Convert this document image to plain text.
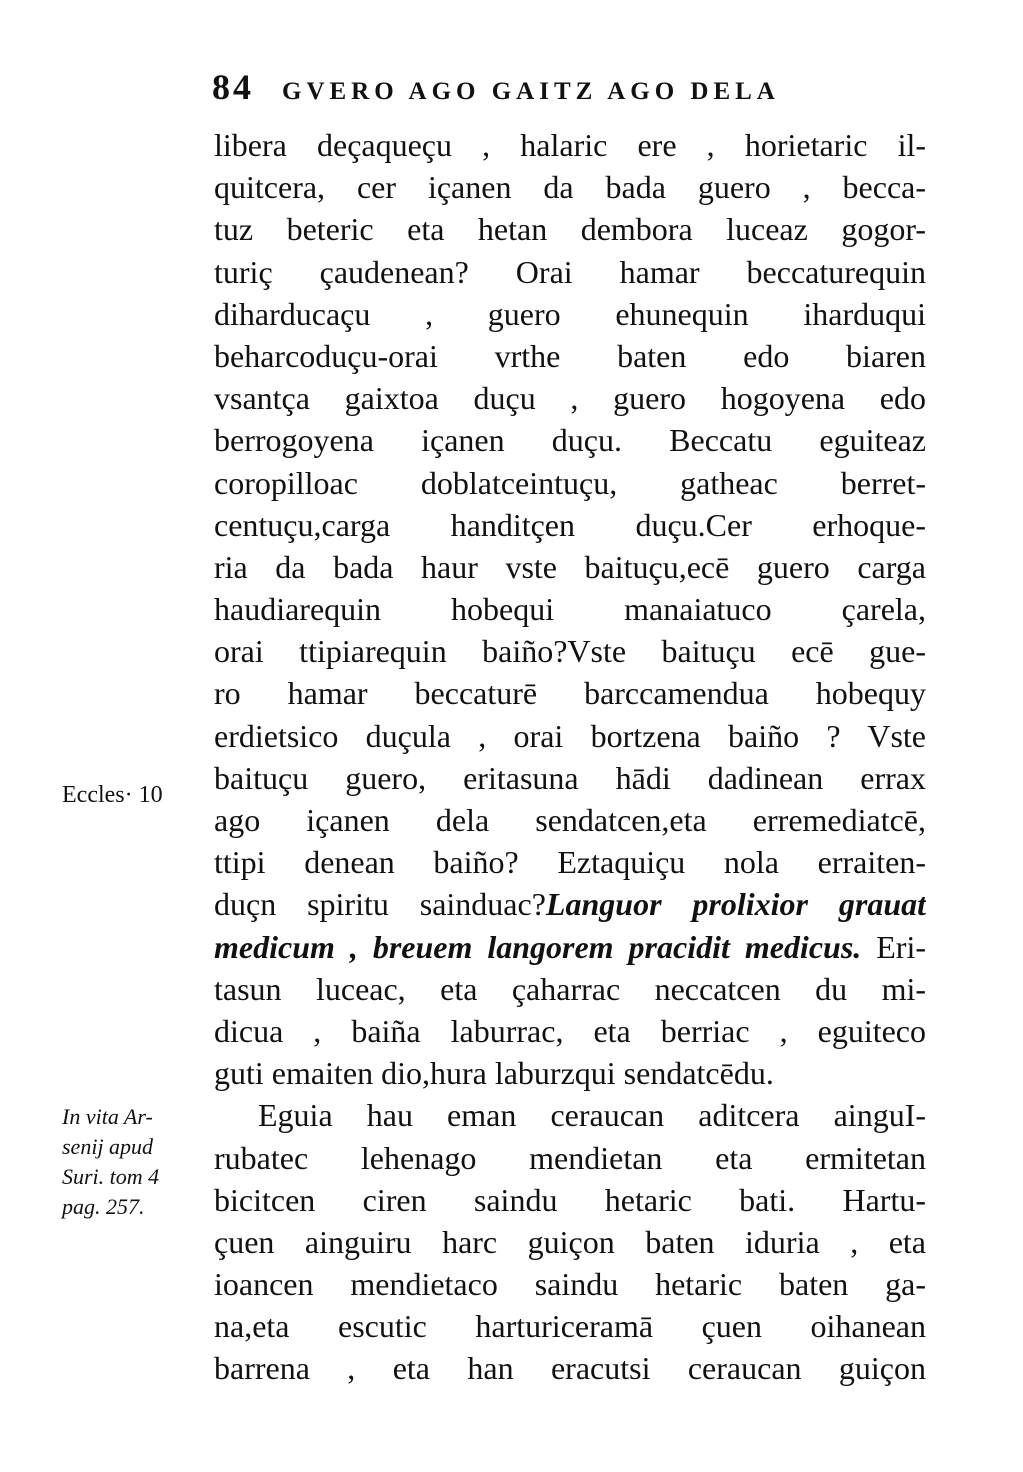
84 GVERO AGO GAITZ AGO DELA
Eccles· 10
In vita Ar-
senij apud
Suri. tom 4
pag. 257.
libera deçaqueçu , halaric ere , horietaric il-
quitcera, cer içanen da bada guero , becca-
tuz beteric eta hetan dembora luceaz gogor-
turiç çaudenean? Orai hamar beccaturequin
diharducaçu , guero ehunequin iharduqui
beharcoduçu-orai vrthe baten edo biaren
vsantça gaixtoa duçu , guero hogoyena edo
berrogoyena içanen duçu. Beccatu eguiteaz
coropilloac doblatceintuçu, gatheac berret-
centuçu,carga handitçen duçu.Cer erhoque-
ria da bada haur vste baituçu,ecē guero carga
haudiarequin hobequi manaiatuco çarela,
orai ttipiarequin baiño?Vste baituçu ecē gue-
ro hamar beccaturē barccamendua hobequy
erdietsico duçula , orai bortzena baiño ? Vste
baituçu guero, eritasuna hādi dadinean errax
ago içanen dela sendatcen,eta erremediatcē,
ttipi denean baiño? Eztaquiçu nola erraiten-
duçn spiritu sainduac?Languor prolixior grauat
medicum , breuem langorem pracidit medicus. Eri-
tasun luceac, eta çaharrac neccatcen du mi-
dicua , baiña laburrac, eta berriac , eguiteco
guti emaiten dio,hura laburzqui sendatcēdu.
Eguia hau eman ceraucan aditcera ainguI-
rubatec lehenago mendietan eta ermitetan
bicitcen ciren saindu hetaric bati. Hartu-
çuen ainguiru harc guiçon baten iduria , eta
ioancen mendietaco saindu hetaric baten ga-
na,eta escutic harturiceramā çuen oihanean
barrena , eta han eracutsi ceraucan guiçon
